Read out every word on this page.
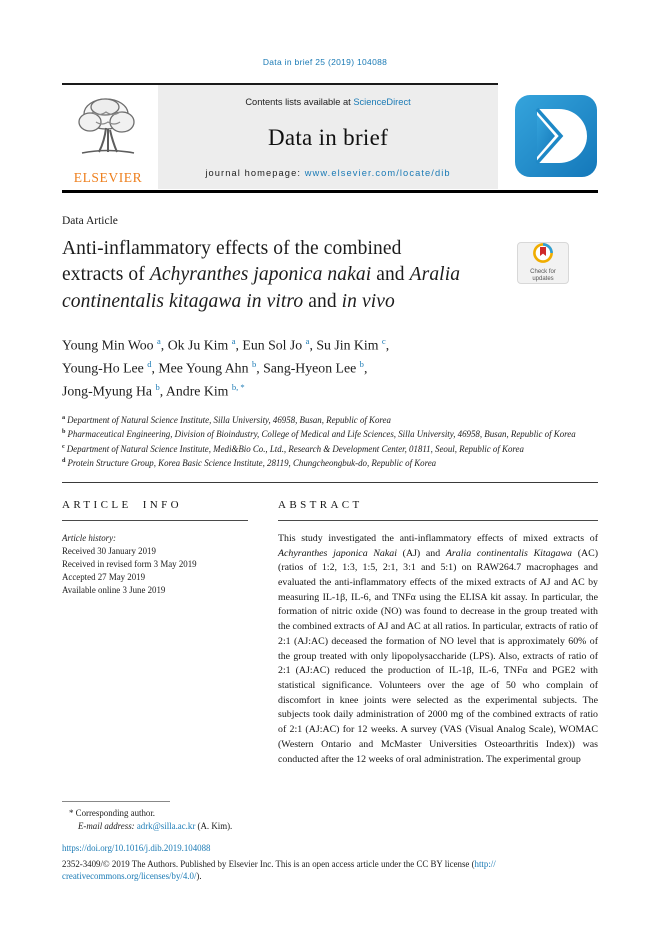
Data in brief 25 (2019) 104088
ELSEVIER
Contents lists available at ScienceDirect
Data in brief
journal homepage: www.elsevier.com/locate/dib
Data Article
Anti-inflammatory effects of the combined
extracts of Achyranthes japonica nakai and Aralia
continentalis kitagawa in vitro and in vivo
Check for
updates
Young Min Woo $^a$, Ok Ju Kim $^a$, Eun Sol Jo $^a$, Su Jin Kim $^c$,
Young-Ho Lee $^d$, Mee Young Ahn $^b$, Sang-Hyeon Lee $^b$,
Jong-Myung Ha $^b$, Andre Kim $^{b, *}$
$^a$ Department of Natural Science Institute, Silla University, 46958, Busan, Republic of Korea
$^b$ Pharmaceutical Engineering, Division of Bioindustry, College of Medical and Life Sciences, Silla University, 46958, Busan, Republic of Korea
$^c$ Department of Natural Science Institute, Medi&Bio Co., Ltd., Research & Development Center, 01811, Seoul, Republic of Korea
$^d$ Protein Structure Group, Korea Basic Science Institute, 28119, Chungcheongbuk-do, Republic of Korea
ARTICLE INFO
Article history:
Received 30 January 2019
Received in revised form 3 May 2019
Accepted 27 May 2019
Available online 3 June 2019
ABSTRACT
This study investigated the anti-inflammatory effects of mixed extracts of Achyranthes japonica Nakai (AJ) and Aralia continentalis Kitagawa (AC) (ratios of 1:2, 1:3, 1:5, 2:1, 3:1 and 5:1) on RAW264.7 macrophages and evaluated the anti-inflammatory effects of the mixed extracts of AJ and AC by measuring IL-1β, IL-6, and TNFα using the ELISA kit assay. In particular, the formation of nitric oxide (NO) was found to decrease in the group treated with the combined extracts of AJ and AC at all ratios. In particular, extracts of ratio of 2:1 (AJ:AC) deceased the formation of NO level that is approximately 60% of the group treated with only lipopolysaccharide (LPS). Also, extracts of ratio of 2:1 (AJ:AC) reduced the production of IL-1β, IL-6, TNFα and PGE2 with statistical significance. Volunteers over the age of 50 who complain of discomfort in knee joints were selected as the experimental subjects. The subjects took daily administration of 2000 mg of the combined extracts of ratio of 2:1 (AJ:AC) for 12 weeks. A survey (VAS (Visual Analog Scale), WOMAC (Western Ontario and McMaster Universities Osteoarthritis Index)) was conducted after the 12 weeks of oral administration. The experimental group
* Corresponding author.
E-mail address: adrk@silla.ac.kr (A. Kim).
https://doi.org/10.1016/j.dib.2019.104088
2352-3409/© 2019 The Authors. Published by Elsevier Inc. This is an open access article under the CC BY license (http://
creativecommons.org/licenses/by/4.0/).
